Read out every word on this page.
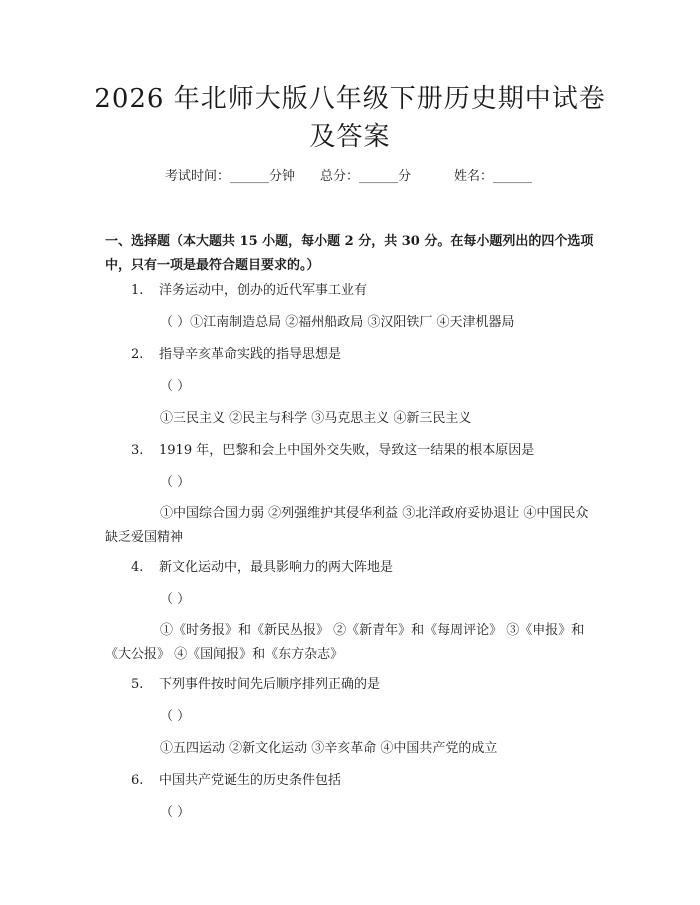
2026 年北师大版八年级下册历史期中试卷及答案
考试时间：______分钟 总分：______分	姓名：______
一、选择题（本大题共 15 小题，每小题 2 分，共 30 分。在每小题列出的四个选项中，只有一项是最符合题目要求的。）
1. 洋务运动中，创办的近代军事工业有
（ ）①江南制造总局 ②福州船政局 ③汉阳铁厂 ④天津机器局
2. 指导辛亥革命实践的指导思想是
（ ）
①三民主义 ②民主与科学 ③马克思主义 ④新三民主义
3. 1919 年，巴黎和会上中国外交失败，导致这一结果的根本原因是
（ ）
①中国综合国力弱 ②列强维护其侵华利益 ③北洋政府妥协退让 ④中国民众缺乏爱国精神
4. 新文化运动中，最具影响力的两大阵地是
（ ）
①《时务报》和《新民丛报》 ②《新青年》和《每周评论》 ③《申报》和《大公报》 ④《国闻报》和《东方杂志》
5. 下列事件按时间先后顺序排列正确的是
（ ）
①五四运动 ②新文化运动 ③辛亥革命 ④中国共产党的成立
6. 中国共产党诞生的历史条件包括
（ ）
